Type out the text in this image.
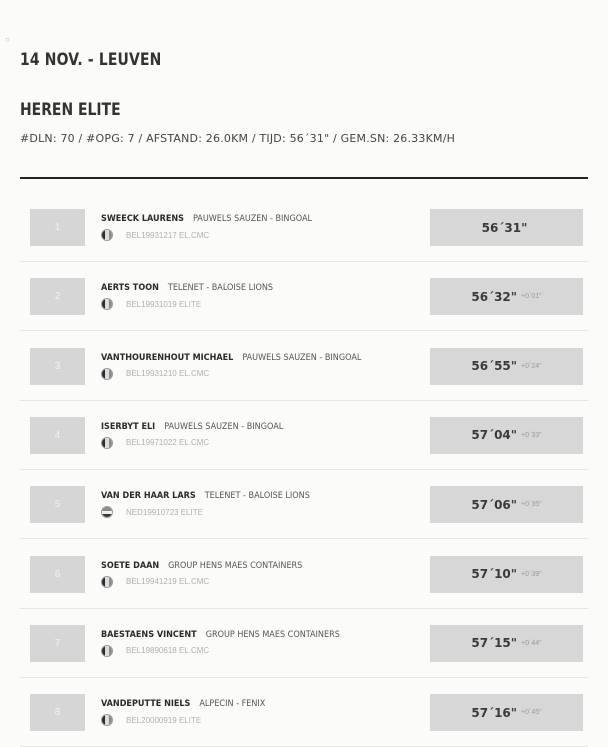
○
14 NOV. - LEUVEN
HEREN ELITE
#DLN: 70 / #OPG: 7 / AFSTAND: 26.0KM / TIJD: 56´31" / GEM.SN: 26.33KM/H
1
SWEECK LAURENS PAUWELS SAUZEN - BINGOAL
BEL19931217 EL.CMC
56´31"
2
AERTS TOON TELENET - BALOISE LIONS
BEL19931019 ELITE
56´32" +0´01"
3
VANTHOURENHOUT MICHAEL PAUWELS SAUZEN - BINGOAL
BEL19931210 EL.CMC
56´55" +0´24"
4
ISERBYT ELI PAUWELS SAUZEN - BINGOAL
BEL19971022 EL.CMC
57´04" +0´33"
5
VAN DER HAAR LARS TELENET - BALOISE LIONS
NED19910723 ELITE
57´06" +0´35"
6
SOETE DAAN GROUP HENS MAES CONTAINERS
BEL19941219 EL.CMC
57´10" +0´39"
7
BAESTAENS VINCENT GROUP HENS MAES CONTAINERS
BEL19890618 EL.CMC
57´15" +0´44"
8
VANDEPUTTE NIELS ALPECIN - FENIX
BEL20000919 ELITE
57´16" +0´45"
